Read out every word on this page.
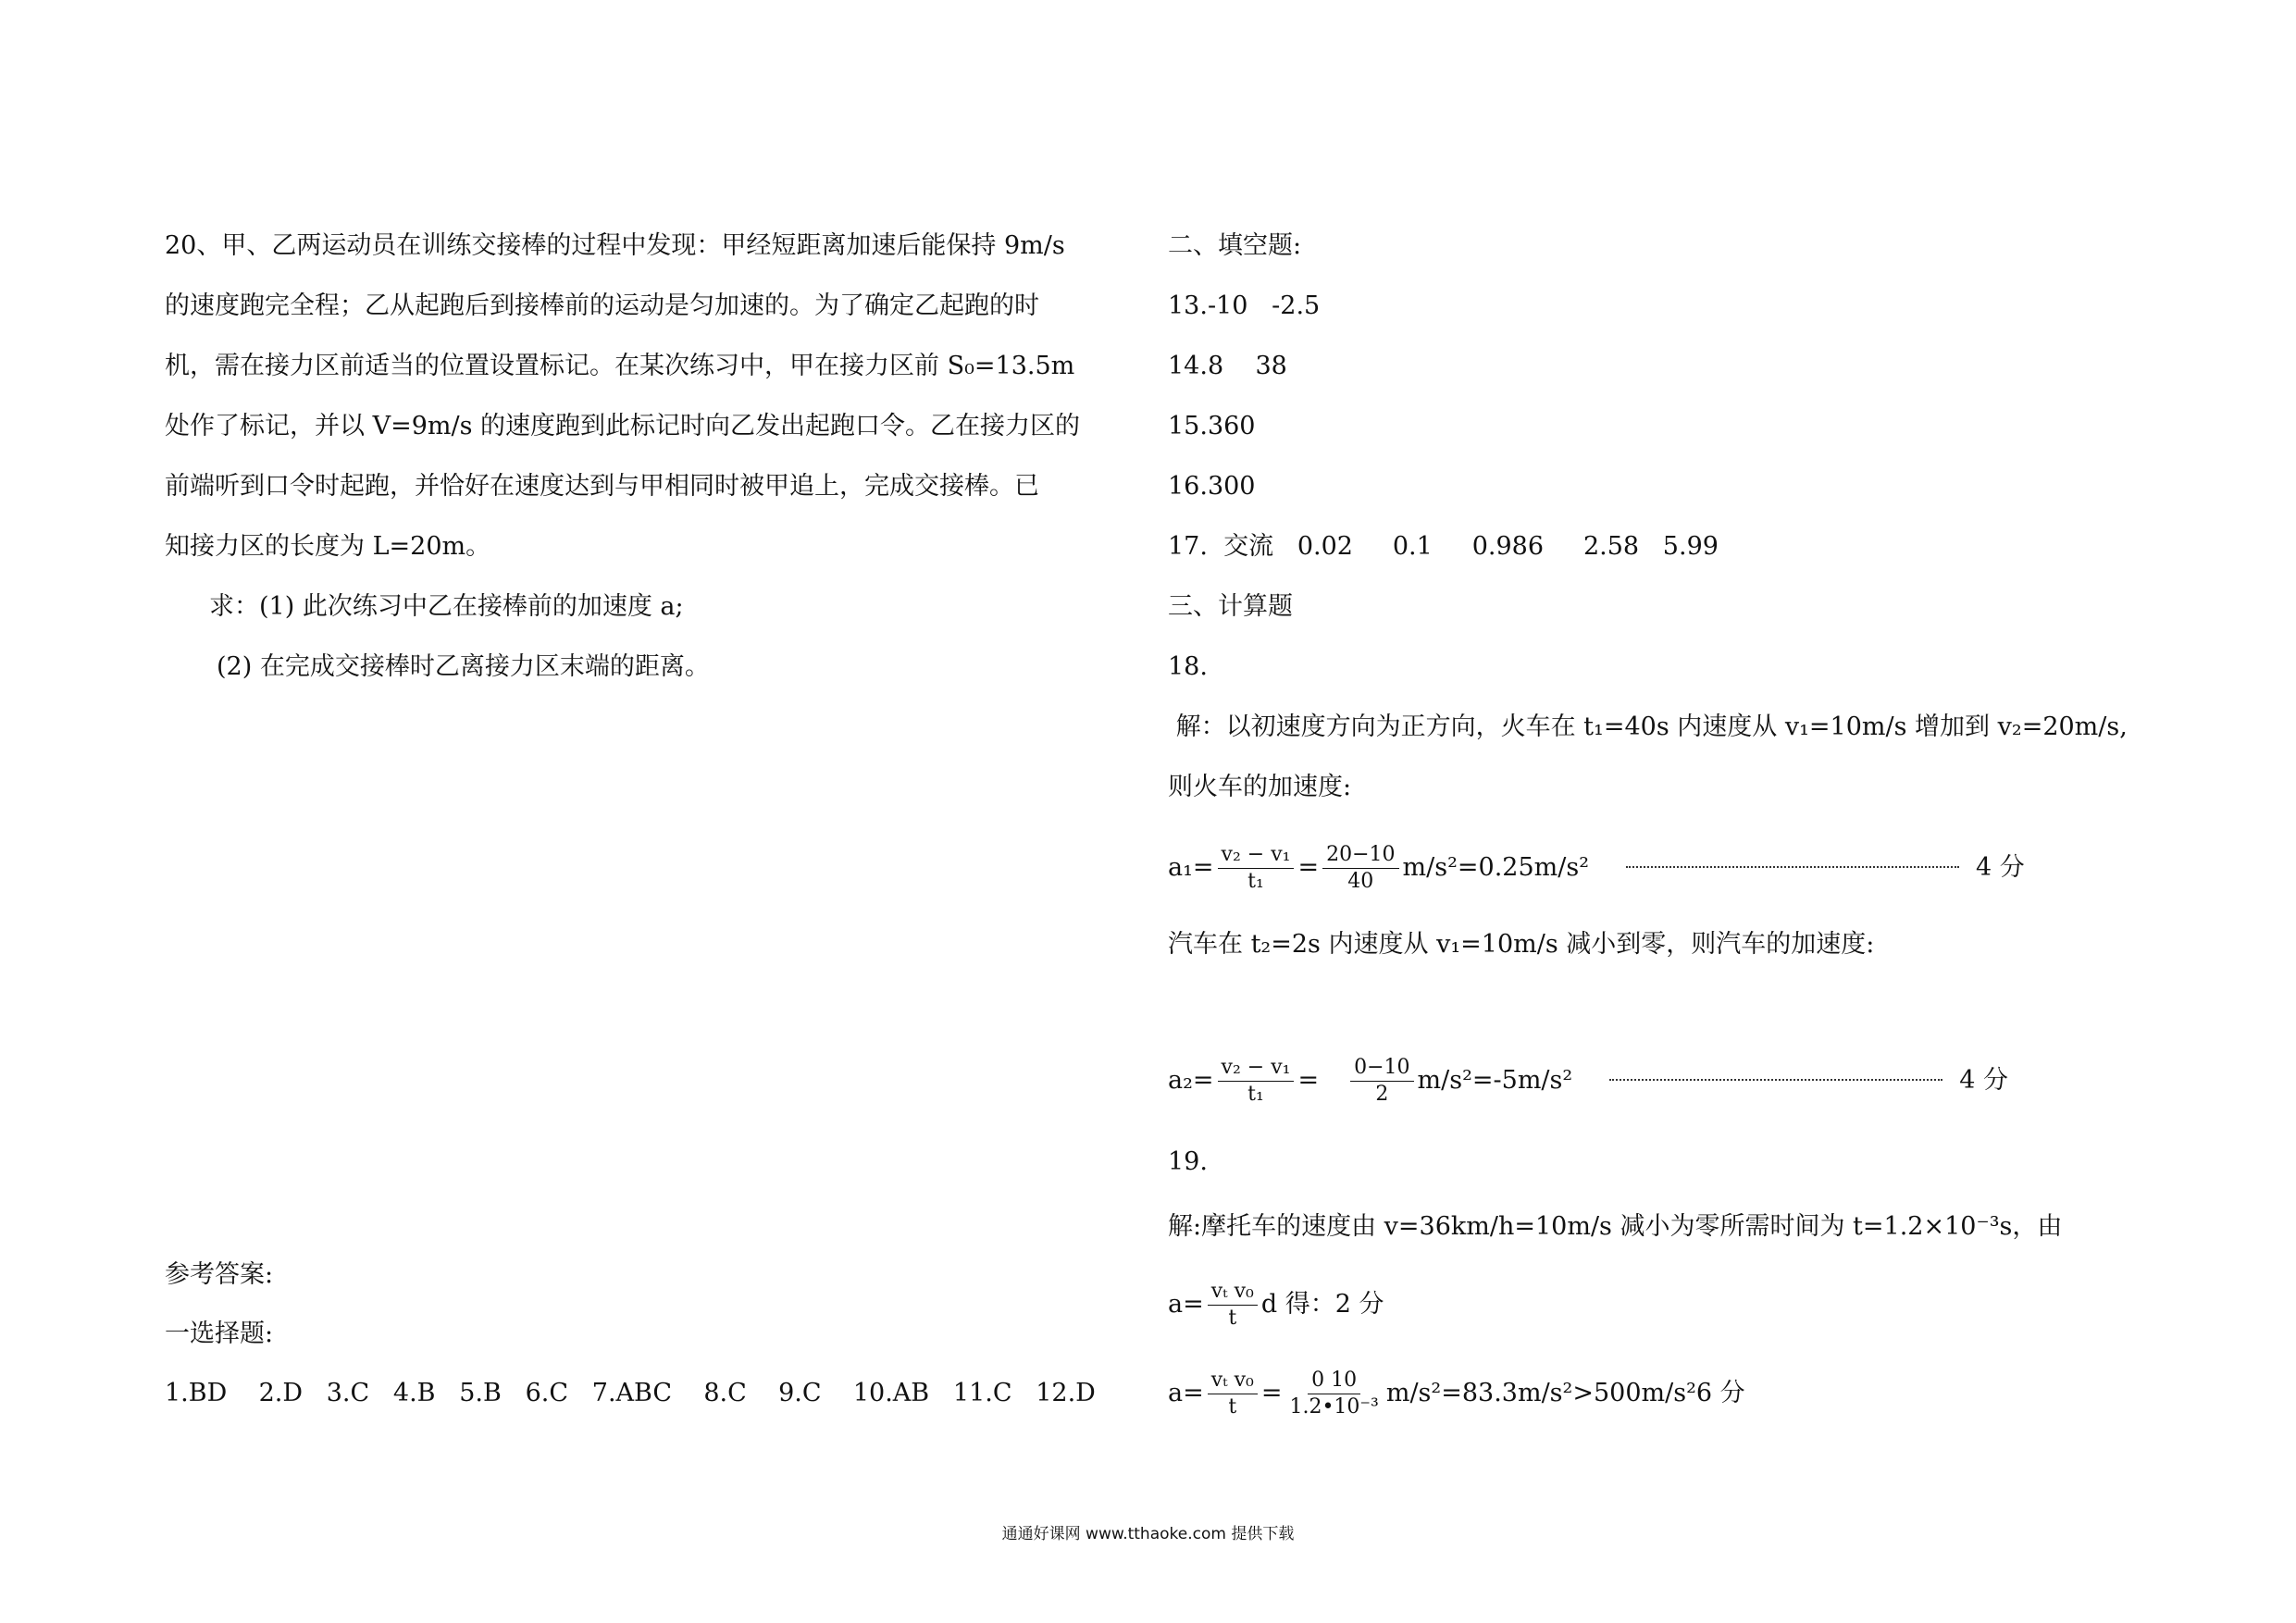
20、甲、乙两运动员在训练交接棒的过程中发现：甲经短距离加速后能保持 9m/s
的速度跑完全程；乙从起跑后到接棒前的运动是匀加速的。为了确定乙起跑的时
机，需在接力区前适当的位置设置标记。在某次练习中，甲在接力区前 S₀=13.5m
处作了标记，并以 V=9m/s 的速度跑到此标记时向乙发出起跑口令。乙在接力区的
前端听到口令时起跑，并恰好在速度达到与甲相同时被甲追上，完成交接棒。已
知接力区的长度为 L=20m。
求：(1) 此次练习中乙在接棒前的加速度 a;
(2) 在完成交接棒时乙离接力区末端的距离。
参考答案:
一选择题:
1.BD    2.D   3.C   4.B   5.B   6.C   7.ABC    8.C    9.C    10.AB   11.C   12.D
二、填空题:
13.-10   -2.5
14.8    38
15.360
16.300
17.  交流   0.02     0.1     0.986     2.58   5.99
三、计算题
18.
解：以初速度方向为正方向，火车在 t₁=40s 内速度从 v₁=10m/s 增加到 v₂=20m/s,
则火车的加速度:
$a_1= \frac{\text{v₂ − v₁}}{\text{t₁}} = \frac{20-10}{40} m/s^2=0.25m/s^2$	4 分
汽车在 t₂=2s 内速度从 v₁=10m/s 减小到零，则汽车的加速度:
$a_2= \frac{\text{v₂ − v₁}}{\text{t₁}} = \frac{0-10}{2} m/s^2=-5m/s^2$	4 分
19.
解:摩托车的速度由 v=36km/h=10m/s 减小为零所需时间为 t=1.2×10⁻³s，由
$a= \frac{\text{vₜ v₀}}{t}$ d 得：2 分
$a= \frac{\text{vₜ v₀}}{t} = \frac{0 10}{\text{1.2•10⁻³}} m/s^2=83.3m/s^2>500m/s^26$ 分
通通好课网 www.tthaoke.com 提供下载
